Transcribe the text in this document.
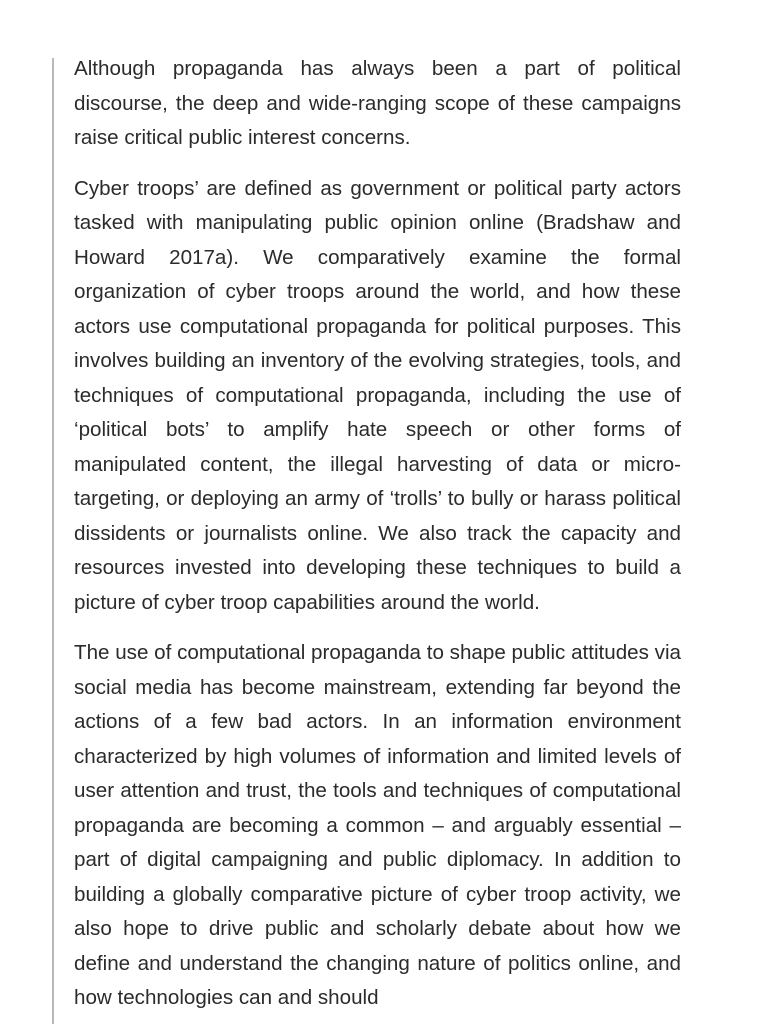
Although propaganda has always been a part of political discourse, the deep and wide-ranging scope of these campaigns raise critical public interest concerns.

Cyber troops’ are defined as government or political party actors tasked with manipulating public opinion online (Bradshaw and Howard 2017a). We comparatively examine the formal organization of cyber troops around the world, and how these actors use computational propaganda for political purposes. This involves building an inventory of the evolving strategies, tools, and techniques of computational propaganda, including the use of ‘political bots’ to amplify hate speech or other forms of manipulated content, the illegal harvesting of data or micro-targeting, or deploying an army of ‘trolls’ to bully or harass political dissidents or journalists online. We also track the capacity and resources invested into developing these techniques to build a picture of cyber troop capabilities around the world.

The use of computational propaganda to shape public attitudes via social media has become mainstream, extending far beyond the actions of a few bad actors. In an information environment characterized by high volumes of information and limited levels of user attention and trust, the tools and techniques of computational propaganda are becoming a common – and arguably essential – part of digital campaigning and public diplomacy. In addition to building a globally comparative picture of cyber troop activity, we also hope to drive public and scholarly debate about how we define and understand the changing nature of politics online, and how technologies can and should
